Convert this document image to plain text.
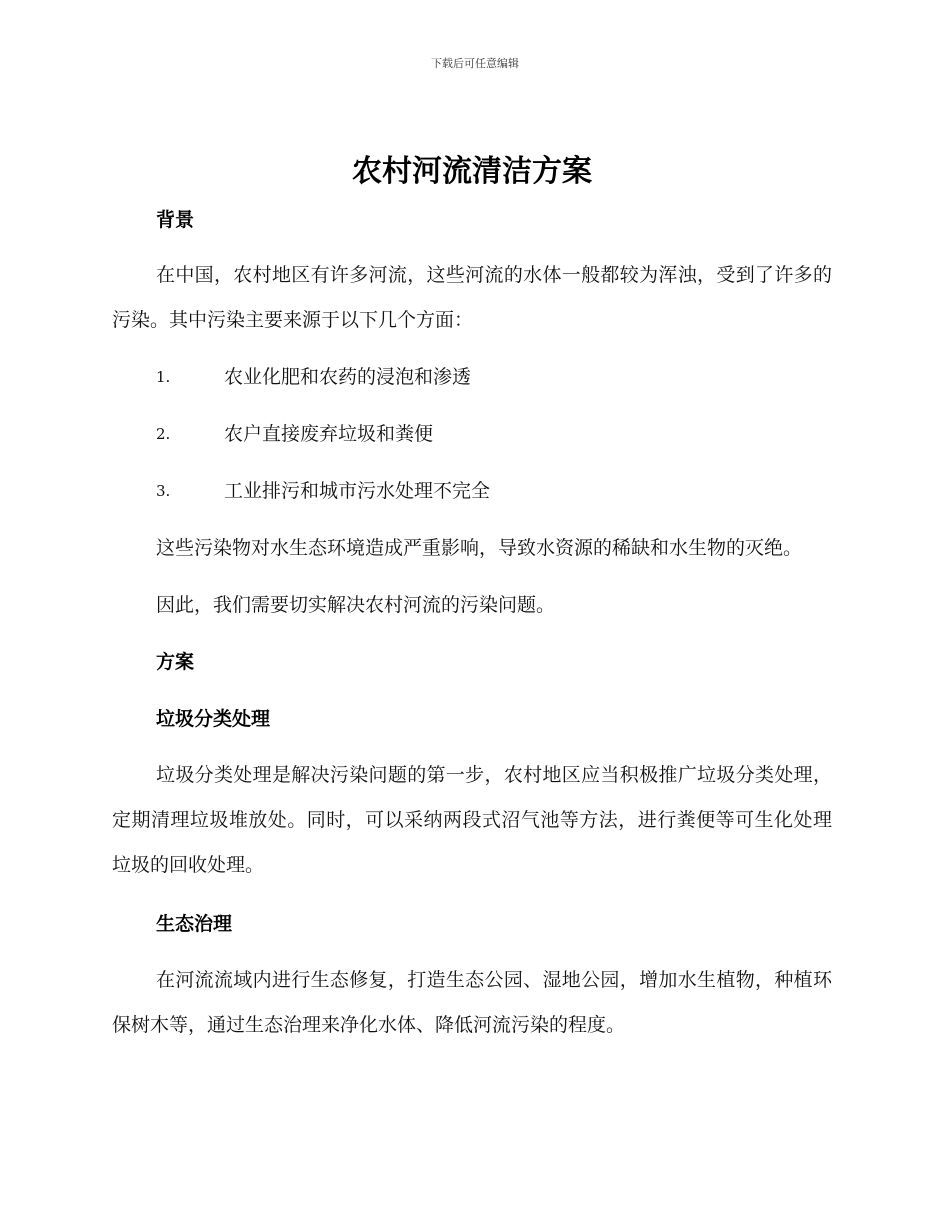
下载后可任意编辑
农村河流清洁方案
背景

在中国，农村地区有许多河流，这些河流的水体一般都较为浑浊，受到了许多的污染。其中污染主要来源于以下几个方面：

1.	农业化肥和农药的浸泡和渗透
2.	农户直接废弃垃圾和粪便
3.	工业排污和城市污水处理不完全

这些污染物对水生态环境造成严重影响，导致水资源的稀缺和水生物的灭绝。

因此，我们需要切实解决农村河流的污染问题。

方案
垃圾分类处理

垃圾分类处理是解决污染问题的第一步，农村地区应当积极推广垃圾分类处理，定期清理垃圾堆放处。同时，可以采纳两段式沼气池等方法，进行粪便等可生化处理垃圾的回收处理。

生态治理

在河流流域内进行生态修复，打造生态公园、湿地公园，增加水生植物，种植环保树木等，通过生态治理来净化水体、降低河流污染的程度。
